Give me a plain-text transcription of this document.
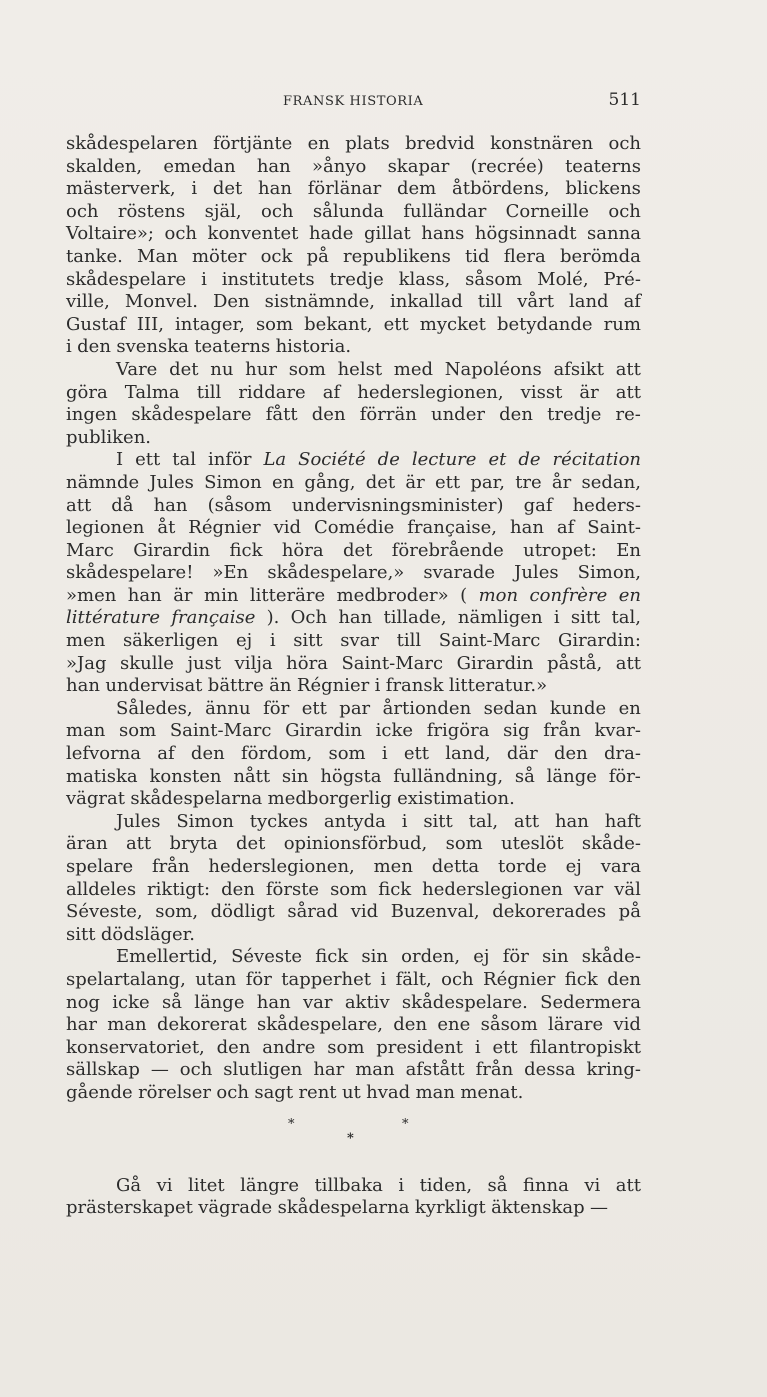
FRANSK HISTORIA	511
skådespelaren förtjänte en plats bredvid konstnären och
skalden, emedan han »ånyo skapar (recrée) teaterns
mästerverk, i det han förlänar dem åtbördens, blickens
och röstens själ, och sålunda fulländar Corneille och
Voltaire»; och konventet hade gillat hans högsinnadt sanna
tanke. Man möter ock på republikens tid flera berömda
skådespelare i institutets tredje klass, såsom Molé, Pré-
ville, Monvel. Den sistnämnde, inkallad till vårt land af
Gustaf III, intager, som bekant, ett mycket betydande rum
i den svenska teaterns historia.
Vare det nu hur som helst med Napoléons afsikt att
göra Talma till riddare af hederslegionen, visst är att
ingen skådespelare fått den förrän under den tredje re-
publiken.
I ett tal inför La Société de lecture et de récitation
nämnde Jules Simon en gång, det är ett par, tre år sedan,
att då han (såsom undervisningsminister) gaf heders-
legionen åt Régnier vid Comédie française, han af Saint-
Marc Girardin fick höra det förebrående utropet: En
skådespelare! »En skådespelare,» svarade Jules Simon,
»men han är min litteräre medbroder» ( mon confrère en
littérature française ). Och han tillade, nämligen i sitt tal,
men säkerligen ej i sitt svar till Saint-Marc Girardin:
»Jag skulle just vilja höra Saint-Marc Girardin påstå, att
han undervisat bättre än Régnier i fransk litteratur.»
Således, ännu för ett par årtionden sedan kunde en
man som Saint-Marc Girardin icke frigöra sig från kvar-
lefvorna af den fördom, som i ett land, där den dra-
matiska konsten nått sin högsta fulländning, så länge för-
vägrat skådespelarna medborgerlig existimation.
Jules Simon tyckes antyda i sitt tal, att han haft
äran att bryta det opinionsförbud, som uteslöt skåde-
spelare från hederslegionen, men detta torde ej vara
alldeles riktigt: den förste som fick hederslegionen var väl
Séveste, som, dödligt sårad vid Buzenval, dekorerades på
sitt dödsläger.
Emellertid, Séveste fick sin orden, ej för sin skåde-
spelartalang, utan för tapperhet i fält, och Régnier fick den
nog icke så länge han var aktiv skådespelare. Sedermera
har man dekorerat skådespelare, den ene såsom lärare vid
konservatoriet, den andre som president i ett filantropiskt
sällskap — och slutligen har man afstått från dessa kring-
gående rörelser och sagt rent ut hvad man menat.
*
*
*
Gå vi litet längre tillbaka i tiden, så finna vi att
prästerskapet vägrade skådespelarna kyrkligt äktenskap —
